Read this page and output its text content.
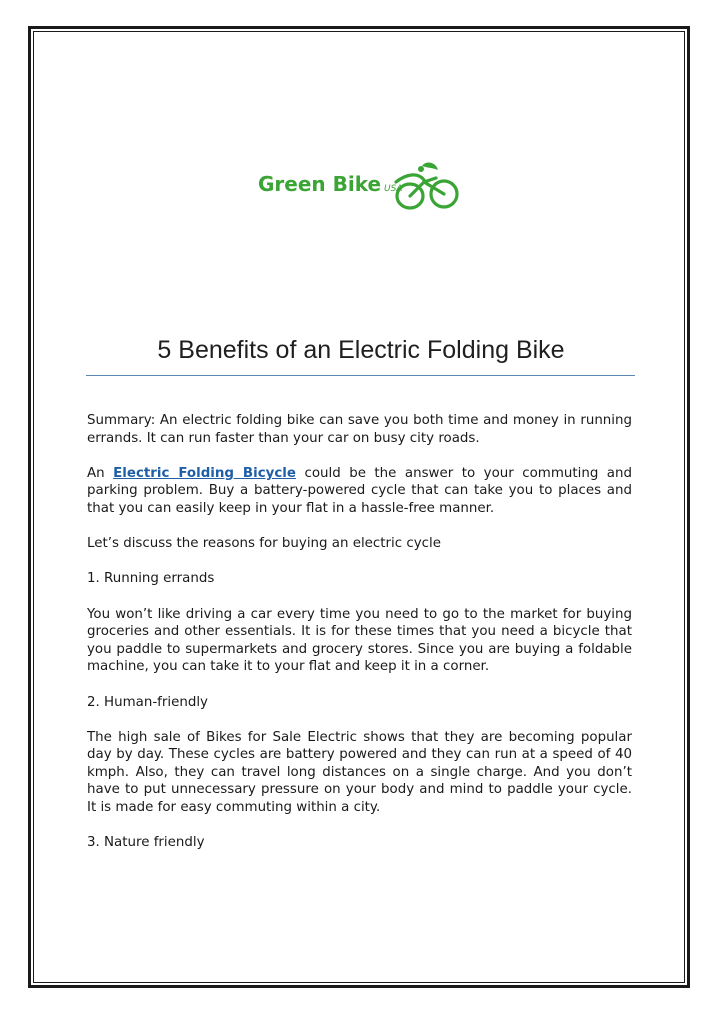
Green Bike USA
5 Benefits of an Electric Folding Bike

Summary: An electric folding bike can save you both time and money in running errands. It can run faster than your car on busy city roads.

An Electric Folding Bicycle could be the answer to your commuting and parking problem. Buy a battery-powered cycle that can take you to places and that you can easily keep in your flat in a hassle-free manner.

Let’s discuss the reasons for buying an electric cycle

1. Running errands

You won’t like driving a car every time you need to go to the market for buying groceries and other essentials. It is for these times that you need a bicycle that you paddle to supermarkets and grocery stores. Since you are buying a foldable machine, you can take it to your flat and keep it in a corner.

2. Human-friendly

The high sale of Bikes for Sale Electric shows that they are becoming popular day by day. These cycles are battery powered and they can run at a speed of 40 kmph. Also, they can travel long distances on a single charge. And you don’t have to put unnecessary pressure on your body and mind to paddle your cycle. It is made for easy commuting within a city.

3. Nature friendly
